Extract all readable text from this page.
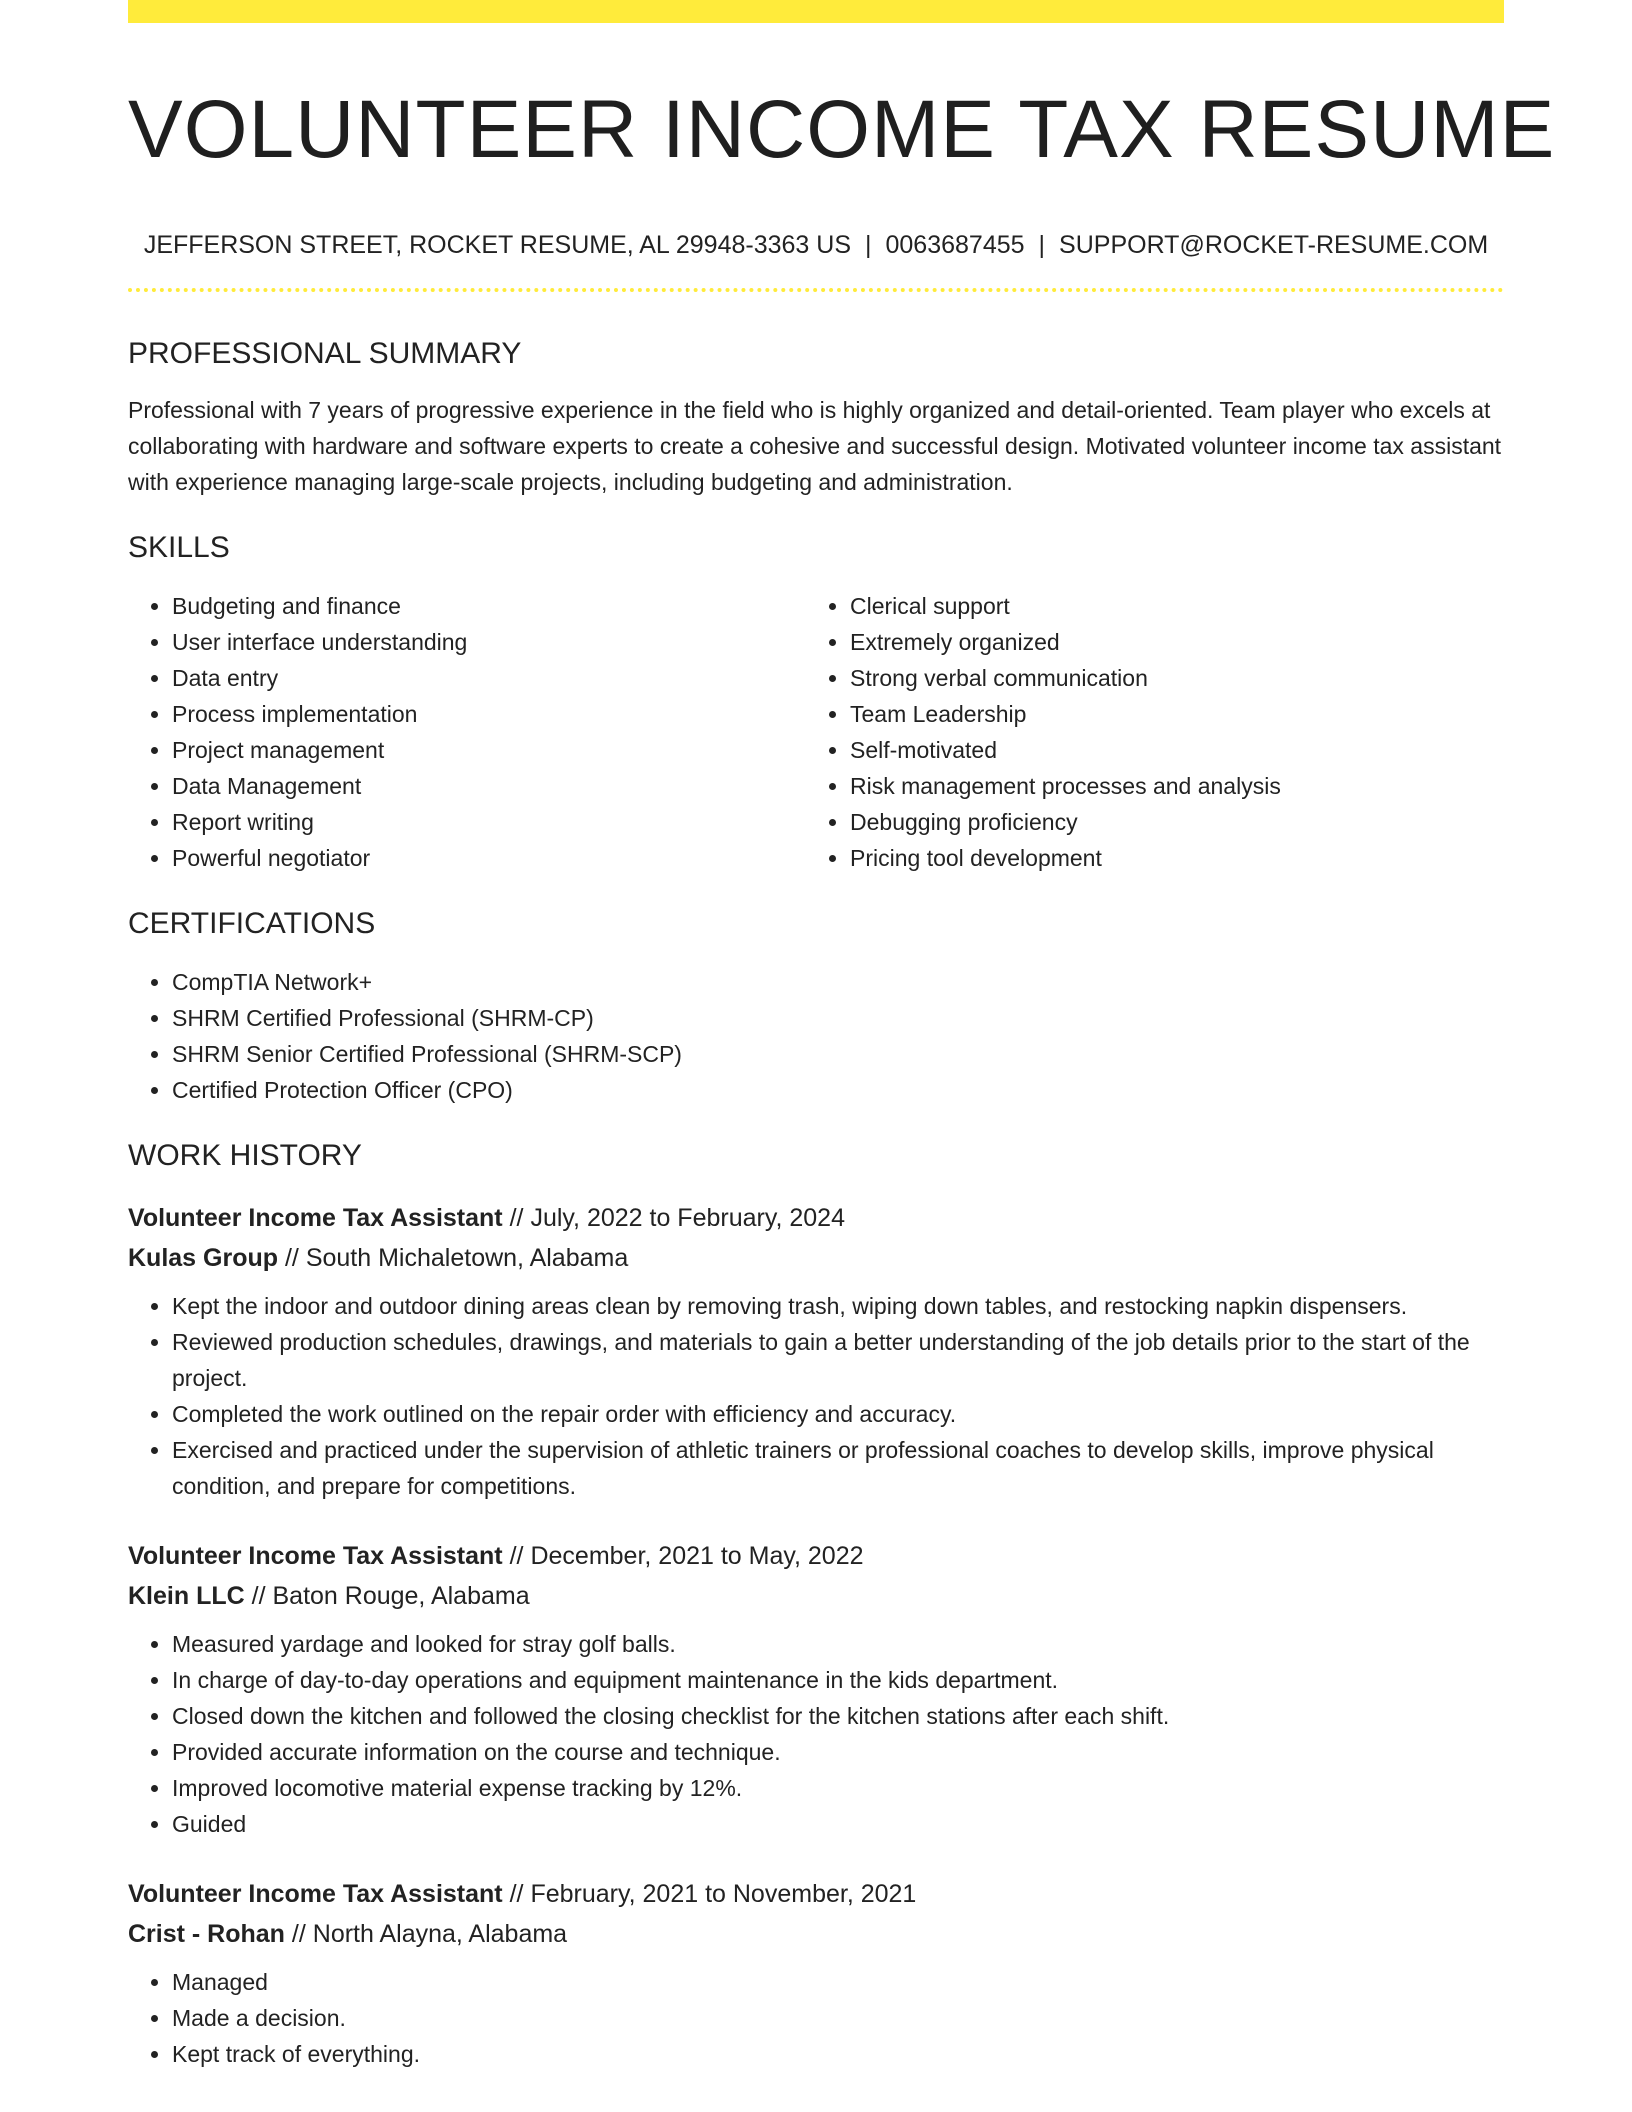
VOLUNTEER INCOME TAX RESUME
JEFFERSON STREET, ROCKET RESUME, AL 29948-3363 US | 0063687455 | SUPPORT@ROCKET-RESUME.COM
PROFESSIONAL SUMMARY

Professional with 7 years of progressive experience in the field who is highly organized and detail-oriented. Team player who excels at collaborating with hardware and software experts to create a cohesive and successful design. Motivated volunteer income tax assistant with experience managing large-scale projects, including budgeting and administration.

SKILLS
• Budgeting and finance
• User interface understanding
• Data entry
• Process implementation
• Project management
• Data Management
• Report writing
• Powerful negotiator
• Clerical support
• Extremely organized
• Strong verbal communication
• Team Leadership
• Self-motivated
• Risk management processes and analysis
• Debugging proficiency
• Pricing tool development
CERTIFICATIONS
• CompTIA Network+
• SHRM Certified Professional (SHRM-CP)
• SHRM Senior Certified Professional (SHRM-SCP)
• Certified Protection Officer (CPO)
WORK HISTORY
Volunteer Income Tax Assistant // July, 2022 to February, 2024
Kulas Group // South Michaletown, Alabama
• Kept the indoor and outdoor dining areas clean by removing trash, wiping down tables, and restocking napkin dispensers.
• Reviewed production schedules, drawings, and materials to gain a better understanding of the job details prior to the start of the project.
• Completed the work outlined on the repair order with efficiency and accuracy.
• Exercised and practiced under the supervision of athletic trainers or professional coaches to develop skills, improve physical condition, and prepare for competitions.
Volunteer Income Tax Assistant // December, 2021 to May, 2022
Klein LLC // Baton Rouge, Alabama
• Measured yardage and looked for stray golf balls.
• In charge of day-to-day operations and equipment maintenance in the kids department.
• Closed down the kitchen and followed the closing checklist for the kitchen stations after each shift.
• Provided accurate information on the course and technique.
• Improved locomotive material expense tracking by 12%.
• Guided
Volunteer Income Tax Assistant // February, 2021 to November, 2021
Crist - Rohan // North Alayna, Alabama
• Managed
• Made a decision.
• Kept track of everything.
